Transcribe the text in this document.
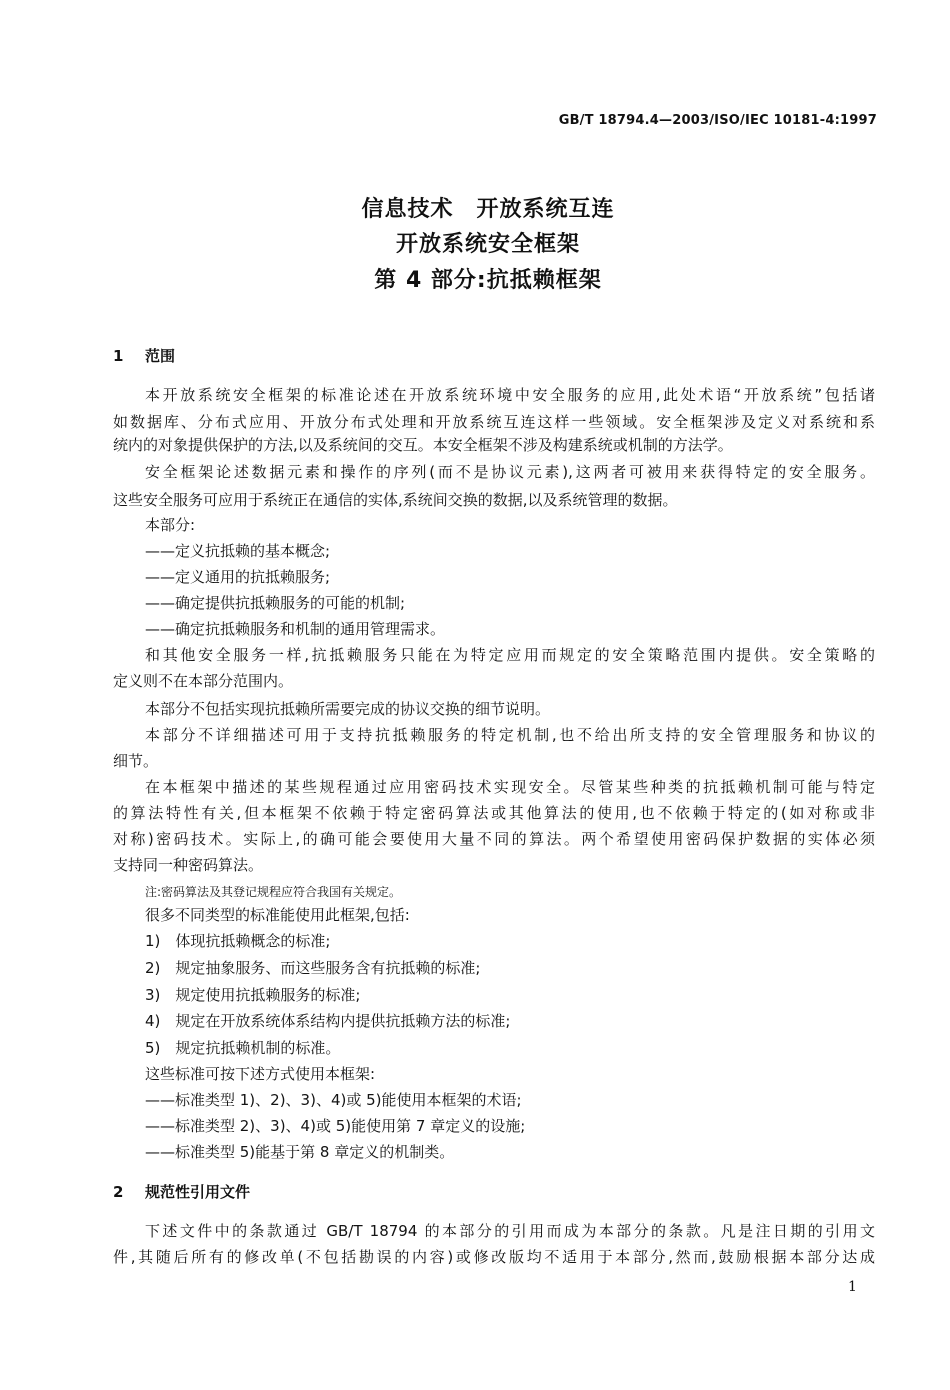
GB/T 18794.4—2003/ISO/IEC 10181-4:1997
信息技术　开放系统互连
开放系统安全框架
第 4 部分:抗抵赖框架
1 范围
本开放系统安全框架的标准论述在开放系统环境中安全服务的应用,此处术语“开放系统”包括诸
如数据库、分布式应用、开放分布式处理和开放系统互连这样一些领域。安全框架涉及定义对系统和系
统内的对象提供保护的方法,以及系统间的交互。本安全框架不涉及构建系统或机制的方法学。
安全框架论述数据元素和操作的序列(而不是协议元素),这两者可被用来获得特定的安全服务。
这些安全服务可应用于系统正在通信的实体,系统间交换的数据,以及系统管理的数据。
本部分:
——定义抗抵赖的基本概念;
——定义通用的抗抵赖服务;
——确定提供抗抵赖服务的可能的机制;
——确定抗抵赖服务和机制的通用管理需求。
和其他安全服务一样,抗抵赖服务只能在为特定应用而规定的安全策略范围内提供。安全策略的
定义则不在本部分范围内。
本部分不包括实现抗抵赖所需要完成的协议交换的细节说明。
本部分不详细描述可用于支持抗抵赖服务的特定机制,也不给出所支持的安全管理服务和协议的
细节。
在本框架中描述的某些规程通过应用密码技术实现安全。尽管某些种类的抗抵赖机制可能与特定
的算法特性有关,但本框架不依赖于特定密码算法或其他算法的使用,也不依赖于特定的(如对称或非
对称)密码技术。实际上,的确可能会要使用大量不同的算法。两个希望使用密码保护数据的实体必须
支持同一种密码算法。
注:密码算法及其登记规程应符合我国有关规定。
很多不同类型的标准能使用此框架,包括:
1)　体现抗抵赖概念的标准;
2)　规定抽象服务、而这些服务含有抗抵赖的标准;
3)　规定使用抗抵赖服务的标准;
4)　规定在开放系统体系结构内提供抗抵赖方法的标准;
5)　规定抗抵赖机制的标准。
这些标准可按下述方式使用本框架:
——标准类型 1)、2)、3)、4)或 5)能使用本框架的术语;
——标准类型 2)、3)、4)或 5)能使用第 7 章定义的设施;
——标准类型 5)能基于第 8 章定义的机制类。
2 规范性引用文件
下述文件中的条款通过 GB/T 18794 的本部分的引用而成为本部分的条款。凡是注日期的引用文
件,其随后所有的修改单(不包括勘误的内容)或修改版均不适用于本部分,然而,鼓励根据本部分达成
1
